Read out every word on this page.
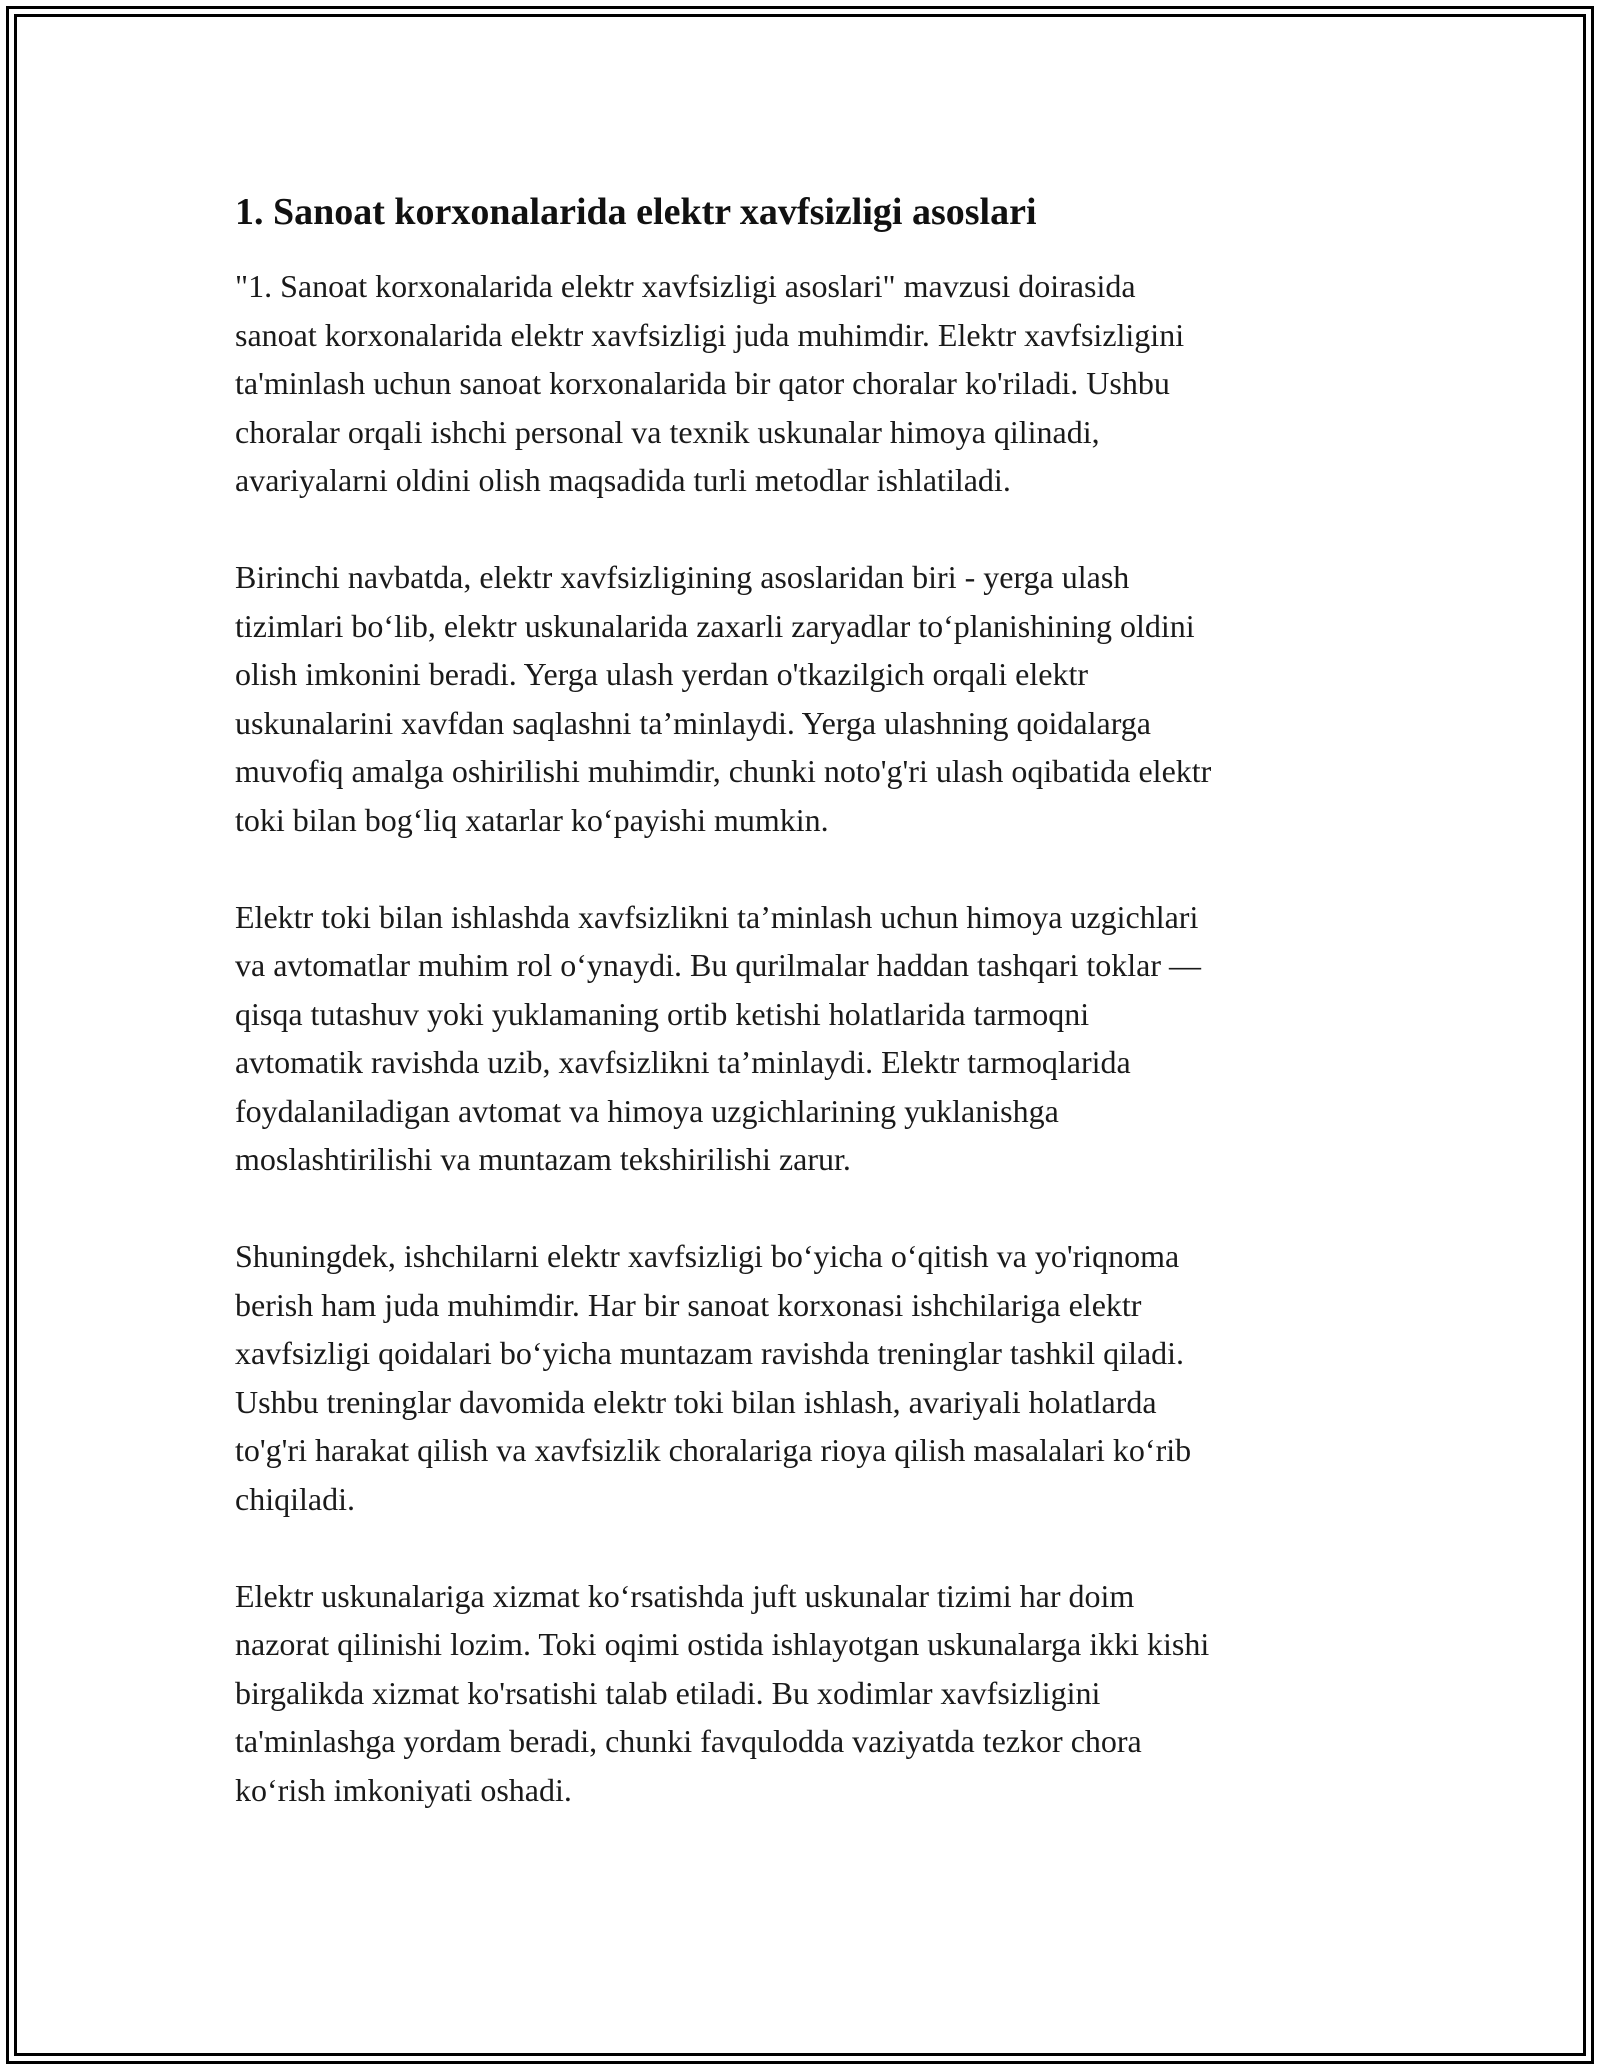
1. Sanoat korxonalarida elektr xavfsizligi asoslari

"1. Sanoat korxonalarida elektr xavfsizligi asoslari" mavzusi doirasida
sanoat korxonalarida elektr xavfsizligi juda muhimdir. Elektr xavfsizligini
ta'minlash uchun sanoat korxonalarida bir qator choralar ko'riladi. Ushbu
choralar orqali ishchi personal va texnik uskunalar himoya qilinadi,
avariyalarni oldini olish maqsadida turli metodlar ishlatiladi.

Birinchi navbatda, elektr xavfsizligining asoslaridan biri - yerga ulash
tizimlari bo‘lib, elektr uskunalarida zaxarli zaryadlar to‘planishining oldini
olish imkonini beradi. Yerga ulash yerdan o'tkazilgich orqali elektr
uskunalarini xavfdan saqlashni ta’minlaydi. Yerga ulashning qoidalarga
muvofiq amalga oshirilishi muhimdir, chunki noto'g'ri ulash oqibatida elektr
toki bilan bog‘liq xatarlar ko‘payishi mumkin.

Elektr toki bilan ishlashda xavfsizlikni ta’minlash uchun himoya uzgichlari
va avtomatlar muhim rol o‘ynaydi. Bu qurilmalar haddan tashqari toklar —
qisqa tutashuv yoki yuklamaning ortib ketishi holatlarida tarmoqni
avtomatik ravishda uzib, xavfsizlikni ta’minlaydi. Elektr tarmoqlarida
foydalaniladigan avtomat va himoya uzgichlarining yuklanishga
moslashtirilishi va muntazam tekshirilishi zarur.

Shuningdek, ishchilarni elektr xavfsizligi bo‘yicha o‘qitish va yo'riqnoma
berish ham juda muhimdir. Har bir sanoat korxonasi ishchilariga elektr
xavfsizligi qoidalari bo‘yicha muntazam ravishda treninglar tashkil qiladi.
Ushbu treninglar davomida elektr toki bilan ishlash, avariyali holatlarda
to'g'ri harakat qilish va xavfsizlik choralariga rioya qilish masalalari ko‘rib
chiqiladi.

Elektr uskunalariga xizmat ko‘rsatishda juft uskunalar tizimi har doim
nazorat qilinishi lozim. Toki oqimi ostida ishlayotgan uskunalarga ikki kishi
birgalikda xizmat ko'rsatishi talab etiladi. Bu xodimlar xavfsizligini
ta'minlashga yordam beradi, chunki favqulodda vaziyatda tezkor chora
ko‘rish imkoniyati oshadi.
